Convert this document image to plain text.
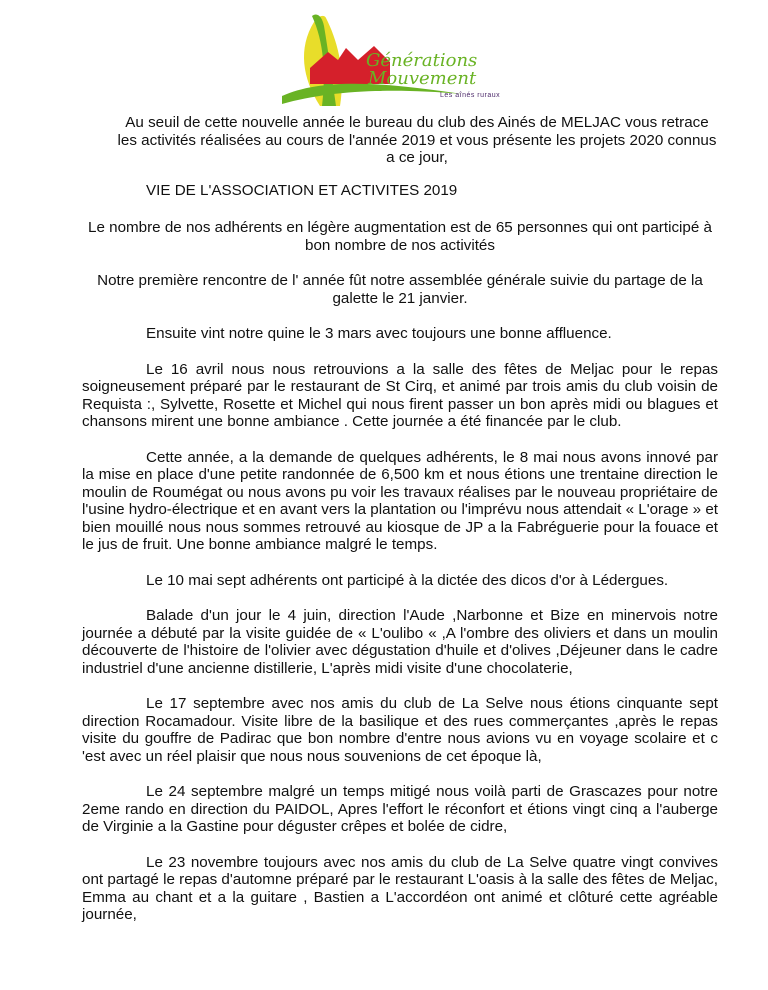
Générations
Mouvement
Les aînés ruraux

Au seuil de cette nouvelle année le bureau du club des Ainés de MELJAC vous retrace les activités réalisées au cours de l'année 2019 et vous présente les projets 2020 connus a ce jour,

VIE DE L'ASSOCIATION ET ACTIVITES 2019

Le nombre de nos adhérents en légère augmentation est de 65 personnes qui ont participé à bon nombre de nos activités

Notre première rencontre de l' année fût notre assemblée générale suivie du partage de la galette le 21 janvier.

Ensuite vint notre quine le 3 mars avec toujours une bonne affluence.

Le 16 avril nous nous retrouvions a la salle des fêtes de Meljac pour le repas soigneusement préparé par le restaurant de St Cirq, et animé par trois amis du club voisin de Requista :, Sylvette, Rosette et Michel qui nous firent passer un bon après midi ou blagues et chansons mirent une bonne ambiance . Cette journée a été financée par le club.

Cette année, a la demande de quelques adhérents, le 8 mai nous avons innové par la mise en place d'une petite randonnée de 6,500 km et nous étions une trentaine direction le moulin de Roumégat ou nous avons pu voir les travaux réalises par le nouveau propriétaire de l'usine hydro-électrique et en avant vers la plantation ou l'imprévu nous attendait « L'orage » et bien mouillé nous nous sommes retrouvé au kiosque de JP a la Fabréguerie pour la fouace et le jus de fruit. Une bonne ambiance malgré le temps.

Le 10 mai sept adhérents ont participé à la dictée des dicos d'or à Lédergues.

Balade d'un jour le 4 juin, direction l'Aude ,Narbonne et Bize en minervois notre journée a débuté par la visite guidée de « L'oulibo « ,A l'ombre des oliviers et dans un moulin découverte de l'histoire de l'olivier avec dégustation d'huile et d'olives ,Déjeuner dans le cadre industriel d'une ancienne distillerie, L'après midi visite d'une chocolaterie,

Le 17 septembre avec nos amis du club de La Selve nous étions cinquante sept direction Rocamadour. Visite libre de la basilique et des rues commerçantes ,après le repas visite du gouffre de Padirac que bon nombre d'entre nous avions vu en voyage scolaire et c 'est avec un réel plaisir que nous nous souvenions de cet époque là,

Le 24 septembre malgré un temps mitigé nous voilà parti de Grascazes pour notre 2eme rando en direction du PAIDOL, Apres l'effort le réconfort et étions vingt cinq a l'auberge de Virginie a la Gastine pour déguster crêpes et bolée de cidre,

Le 23 novembre toujours avec nos amis du club de La Selve quatre vingt convives ont partagé le repas d'automne préparé par le restaurant L'oasis à la salle des fêtes de Meljac, Emma au chant et a la guitare , Bastien a L'accordéon ont animé et clôturé cette agréable journée,
